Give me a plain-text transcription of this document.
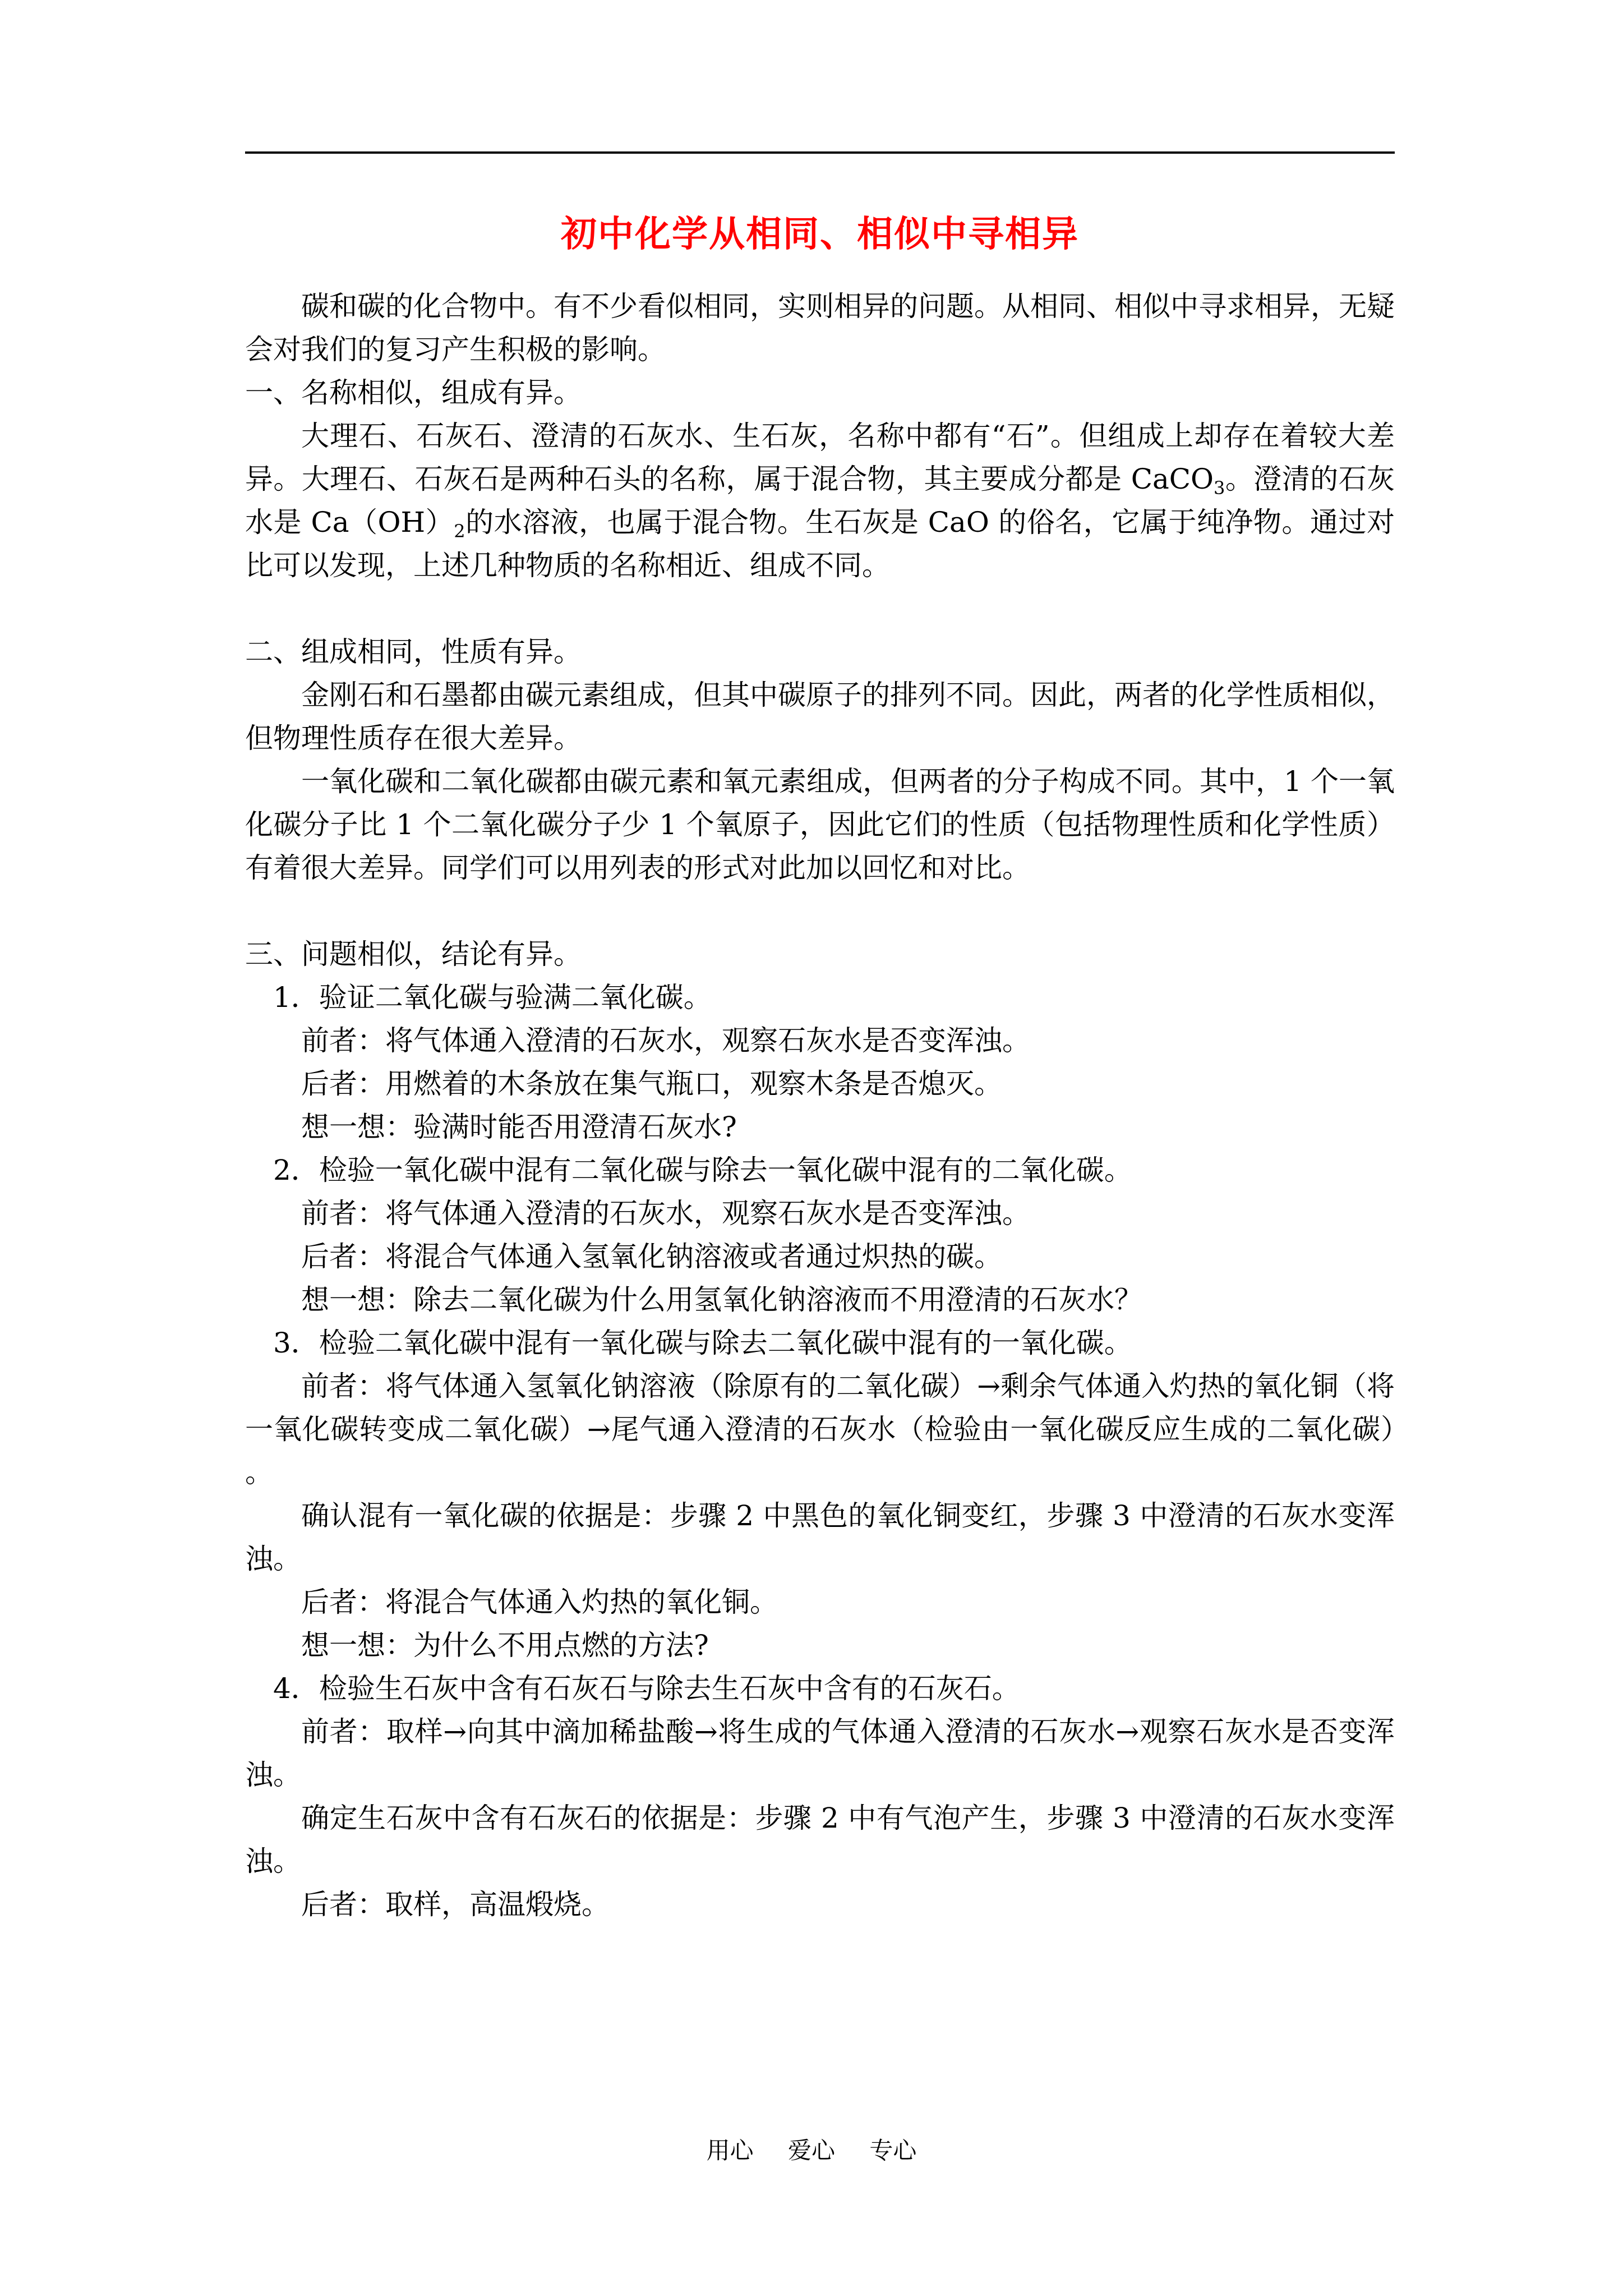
初中化学从相同、相似中寻相异

碳和碳的化合物中。有不少看似相同，实则相异的问题。从相同、相似中寻求相异，无疑会对我们的复习产生积极的影响。

一、名称相似，组成有异。

大理石、石灰石、澄清的石灰水、生石灰，名称中都有“石”。但组成上却存在着较大差异。大理石、石灰石是两种石头的名称，属于混合物，其主要成分都是 CaCO$_3$。澄清的石灰水是 $Ca(OH)_2$的水溶液，也属于混合物。生石灰是 CaO 的俗名，它属于纯净物。通过对比可以发现，上述几种物质的名称相近、组成不同。

二、组成相同，性质有异。

金刚石和石墨都由碳元素组成，但其中碳原子的排列不同。因此，两者的化学性质相似，但物理性质存在很大差异。

一氧化碳和二氧化碳都由碳元素和氧元素组成，但两者的分子构成不同。其中，1 个一氧化碳分子比 1 个二氧化碳分子少 1 个氧原子，因此它们的性质（包括物理性质和化学性质）有着很大差异。同学们可以用列表的形式对此加以回忆和对比。

三、问题相似，结论有异。

1．验证二氧化碳与验满二氧化碳。

前者：将气体通入澄清的石灰水，观察石灰水是否变浑浊。

后者：用燃着的木条放在集气瓶口，观察木条是否熄灭。

想一想：验满时能否用澄清石灰水?

2．检验一氧化碳中混有二氧化碳与除去一氧化碳中混有的二氧化碳。

前者：将气体通入澄清的石灰水，观察石灰水是否变浑浊。

后者：将混合气体通入氢氧化钠溶液或者通过炽热的碳。

想一想：除去二氧化碳为什么用氢氧化钠溶液而不用澄清的石灰水？

3．检验二氧化碳中混有一氧化碳与除去二氧化碳中混有的一氧化碳。

前者：将气体通入氢氧化钠溶液（除原有的二氧化碳）→剩余气体通入灼热的氧化铜（将一氧化碳转变成二氧化碳）→尾气通入澄清的石灰水（检验由一氧化碳反应生成的二氧化碳）。

确认混有一氧化碳的依据是：步骤 2 中黑色的氧化铜变红，步骤 3 中澄清的石灰水变浑浊。

后者：将混合气体通入灼热的氧化铜。

想一想：为什么不用点燃的方法?

4．检验生石灰中含有石灰石与除去生石灰中含有的石灰石。

前者：取样→向其中滴加稀盐酸→将生成的气体通入澄清的石灰水→观察石灰水是否变浑浊。

确定生石灰中含有石灰石的依据是：步骤 2 中有气泡产生，步骤 3 中澄清的石灰水变浑浊。

后者：取样，高温煅烧。

用心 爱心 专心
